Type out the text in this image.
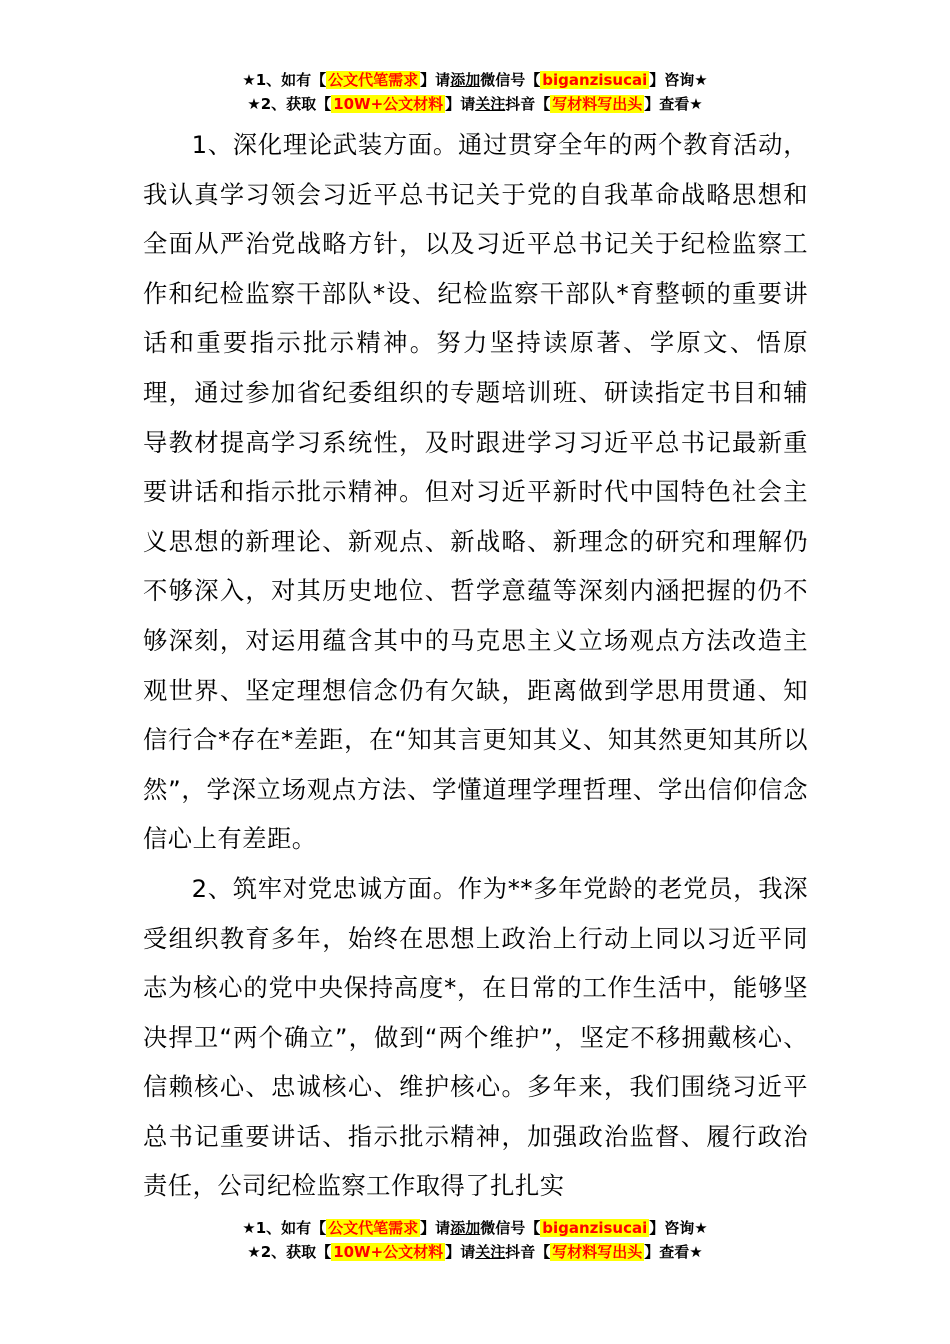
★1、如有【 公文代笔需求 】请添加微信号【 biganzisucai 】咨询★
★2、获取【 10W+公文材料 】请关注抖音【 写材料写出头 】查看★

1、深化理论武装方面。通过贯穿全年的两个教育活动，我认真学习领会习近平总书记关于党的自我革命战略思想和全面从严治党战略方针，以及习近平总书记关于纪检监察工作和纪检监察干部队*设、纪检监察干部队*育整顿的重要讲话和重要指示批示精神。努力坚持读原著、学原文、悟原理，通过参加省纪委组织的专题培训班、研读指定书目和辅导教材提高学习系统性，及时跟进学习习近平总书记最新重要讲话和指示批示精神。但对习近平新时代中国特色社会主义思想的新理论、新观点、新战略、新理念的研究和理解仍不够深入，对其历史地位、哲学意蕴等深刻内涵把握的仍不够深刻，对运用蕴含其中的马克思主义立场观点方法改造主观世界、坚定理想信念仍有欠缺，距离做到学思用贯通、知信行合*存在*差距，在“知其言更知其义、知其然更知其所以然”，学深立场观点方法、学懂道理学理哲理、学出信仰信念信心上有差距。

2、筑牢对党忠诚方面。作为**多年党龄的老党员，我深受组织教育多年，始终在思想上政治上行动上同以习近平同志为核心的党中央保持高度*，在日常的工作生活中，能够坚决捍卫“两个确立”，做到“两个维护”，坚定不移拥戴核心、信赖核心、忠诚核心、维护核心。多年来，我们围绕习近平总书记重要讲话、指示批示精神，加强政治监督、履行政治责任，公司纪检监察工作取得了扎扎实

★1、如有【 公文代笔需求 】请添加微信号【 biganzisucai 】咨询★
★2、获取【 10W+公文材料 】请关注抖音【 写材料写出头 】查看★
